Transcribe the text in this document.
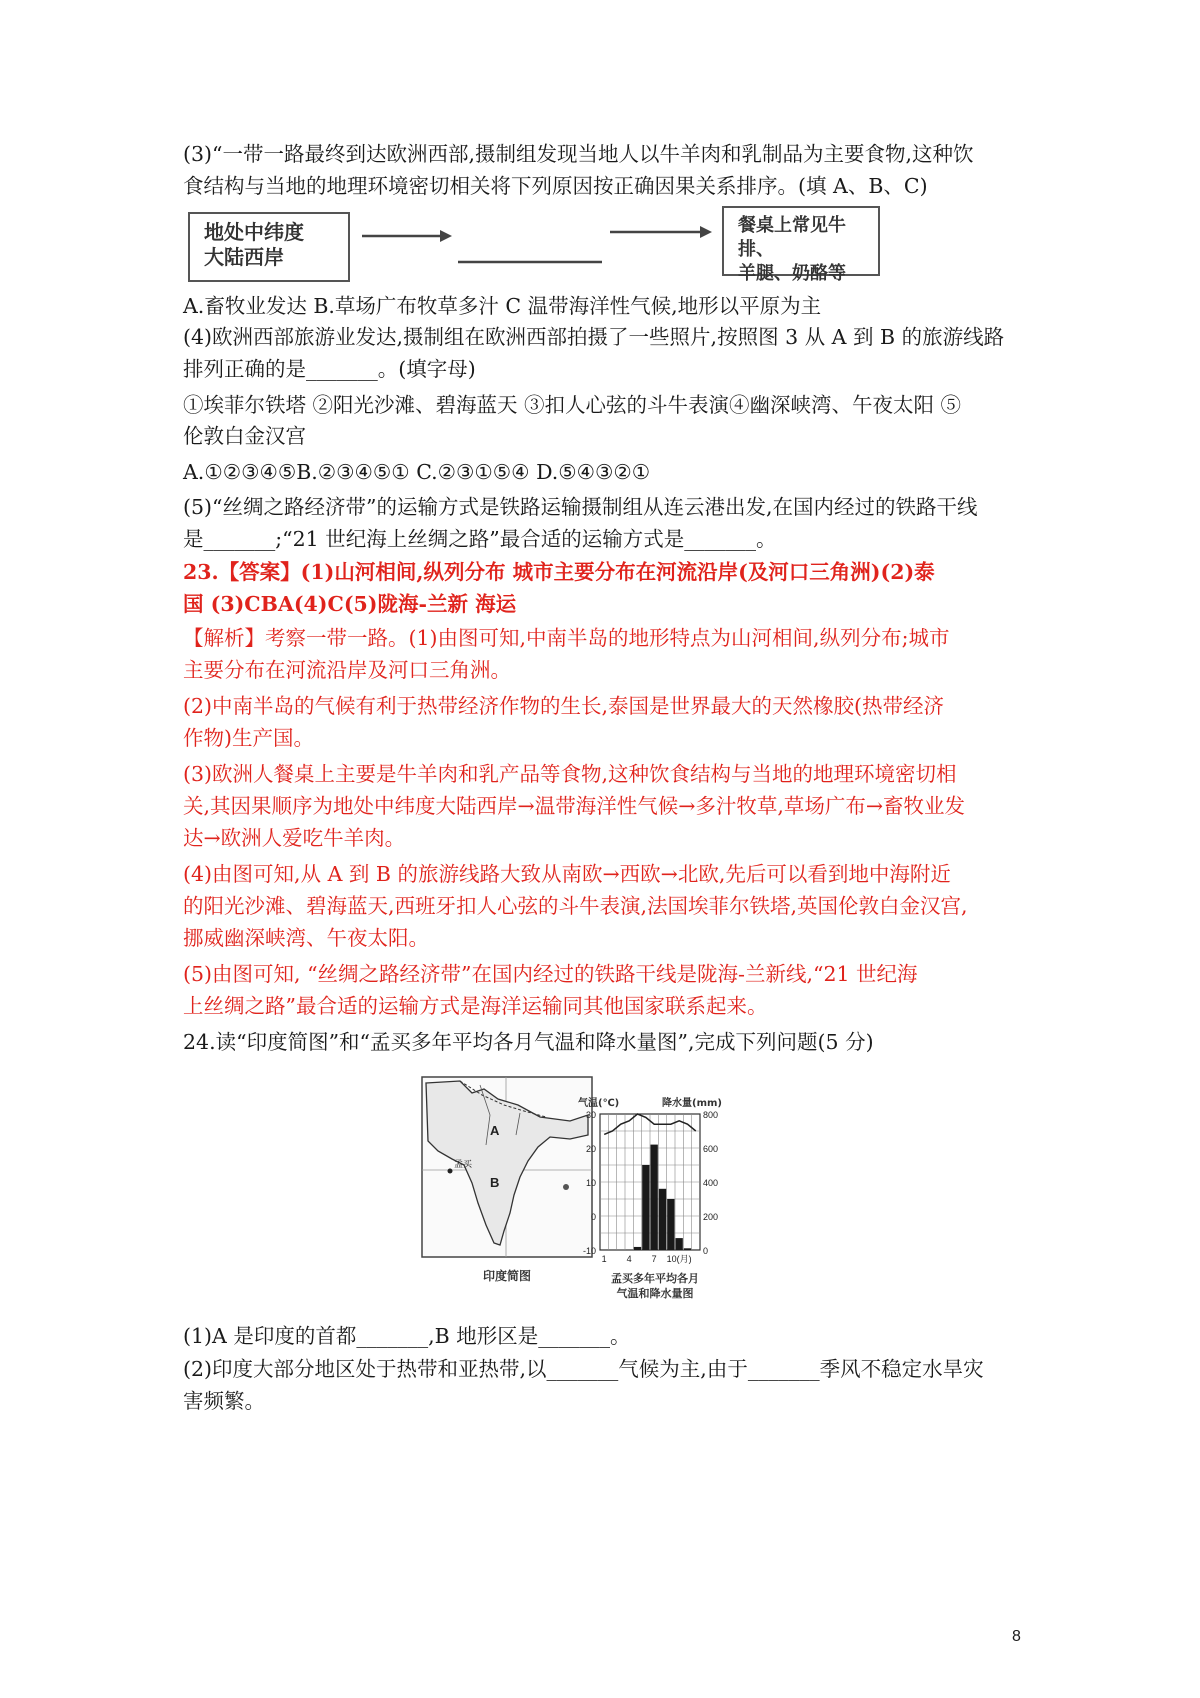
(3)“一带一路最终到达欧洲西部,摄制组发现当地人以牛羊肉和乳制品为主要食物,这种饮
食结构与当地的地理环境密切相关将下列原因按正确因果关系排序。(填 A、B、C)
地处中纬度
大陆西岸
餐桌上常见牛排、
羊腿、奶酪等
A.畜牧业发达 B.草场广布牧草多汁 C 温带海洋性气候,地形以平原为主
(4)欧洲西部旅游业发达,摄制组在欧洲西部拍摄了一些照片,按照图 3 从 A 到 B 的旅游线路
排列正确的是_______。(填字母)
①埃菲尔铁塔 ②阳光沙滩、碧海蓝天 ③扣人心弦的斗牛表演④幽深峡湾、午夜太阳 ⑤
伦敦白金汉宫
A.①②③④⑤B.②③④⑤① C.②③①⑤④ D.⑤④③②①
(5)“丝绸之路经济带”的运输方式是铁路运输摄制组从连云港出发,在国内经过的铁路干线
是_______;“21 世纪海上丝绸之路”最合适的运输方式是_______。
23.【答案】(1)山河相间,纵列分布 城市主要分布在河流沿岸(及河口三角洲)(2)泰
国 (3)CBA(4)C(5)陇海-兰新 海运
【解析】考察一带一路。(1)由图可知,中南半岛的地形特点为山河相间,纵列分布;城市
主要分布在河流沿岸及河口三角洲。
(2)中南半岛的气候有利于热带经济作物的生长,泰国是世界最大的天然橡胶(热带经济
作物)生产国。
(3)欧洲人餐桌上主要是牛羊肉和乳产品等食物,这种饮食结构与当地的地理环境密切相
关,其因果顺序为地处中纬度大陆西岸→温带海洋性气候→多汁牧草,草场广布→畜牧业发
达→欧洲人爱吃牛羊肉。
(4)由图可知,从 A 到 B 的旅游线路大致从南欧→西欧→北欧,先后可以看到地中海附近
的阳光沙滩、碧海蓝天,西班牙扣人心弦的斗牛表演,法国埃菲尔铁塔,英国伦敦白金汉宫,
挪威幽深峡湾、午夜太阳。
(5)由图可知, “丝绸之路经济带”在国内经过的铁路干线是陇海-兰新线,“21 世纪海
上丝绸之路”最合适的运输方式是海洋运输同其他国家联系起来。
24.读“印度简图”和“孟买多年平均各月气温和降水量图”,完成下列问题(5 分)
A
孟买
B
印度简图
气温(℃)	降水量(mm)
30
20
10
0
-10
800
600
400
200
0
1 4 7 10(月)
孟买多年平均各月
气温和降水量图
(1)A 是印度的首都_______,B 地形区是_______。
(2)印度大部分地区处于热带和亚热带,以_______气候为主,由于_______季风不稳定水旱灾
害频繁。
8
